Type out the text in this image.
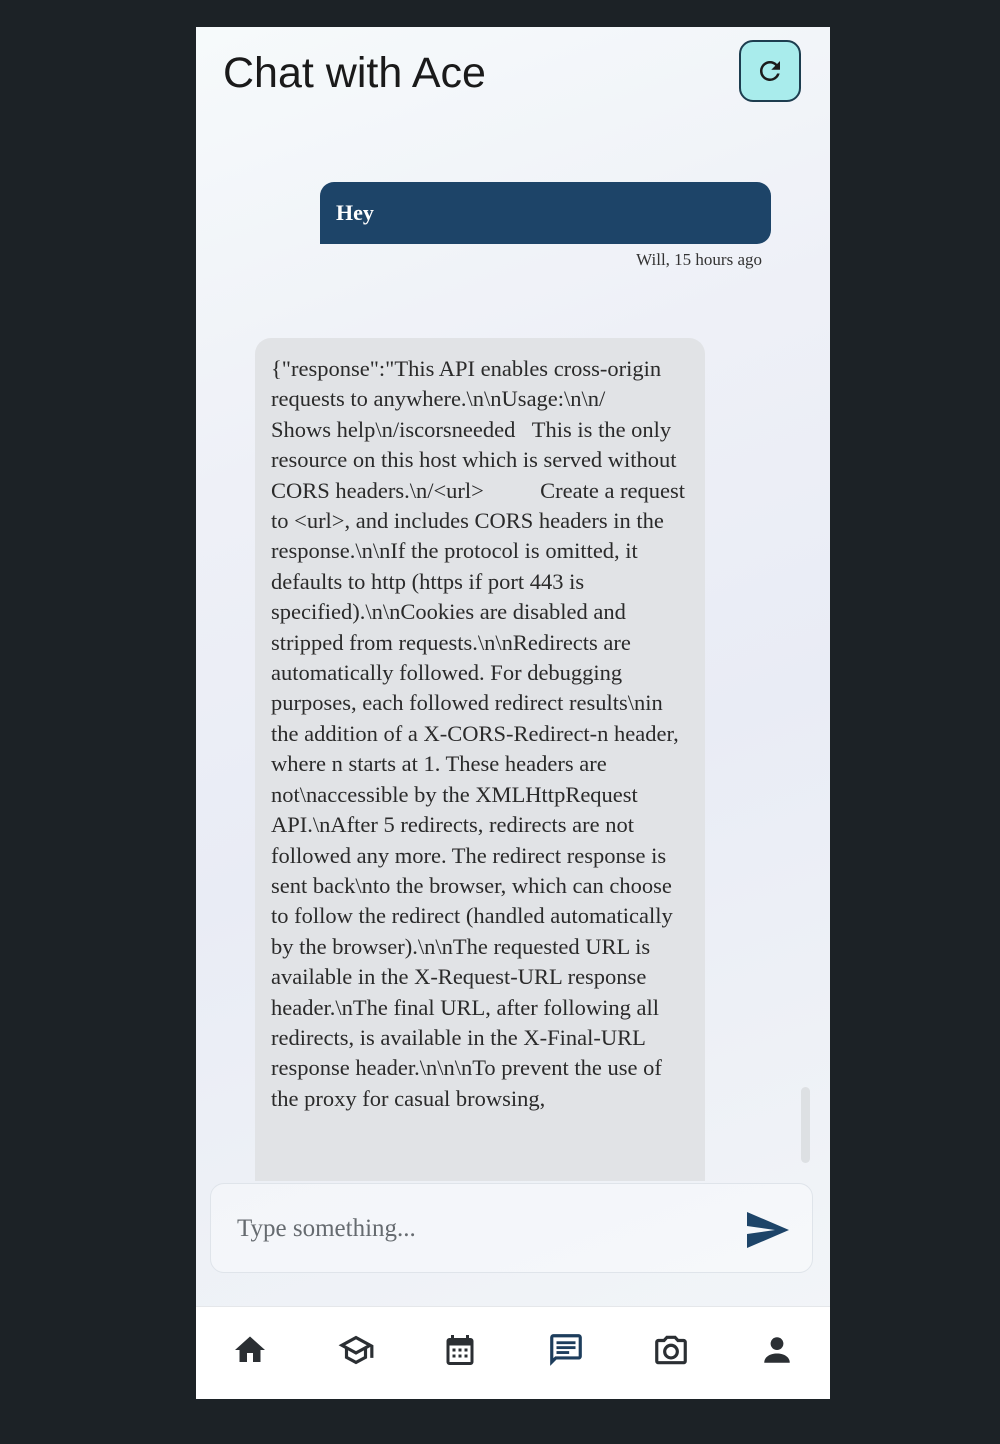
Chat with Ace
Hey
Will, 15 hours ago

{"response":"This API enables cross-origin requests to anywhere.\n\nUsage:\n\n/               Shows help\n/iscorsneeded   This is the only resource on this host which is served without CORS headers.\n/<url>          Create a request to <url>, and includes CORS headers in the response.\n\nIf the protocol is omitted, it defaults to http (https if port 443 is specified).\n\nCookies are disabled and stripped from requests.\n\nRedirects are automatically followed. For debugging purposes, each followed redirect results\nin the addition of a X-CORS-Redirect-n header, where n starts at 1. These headers are not\naccessible by the XMLHttpRequest API.\nAfter 5 redirects, redirects are not followed any more. The redirect response is sent back\nto the browser, which can choose to follow the redirect (handled automatically by the browser).\n\nThe requested URL is available in the X-Request-URL response header.\nThe final URL, after following all redirects, is available in the X-Final-URL response header.\n\n\nTo prevent the use of the proxy for casual browsing,

Type something...
